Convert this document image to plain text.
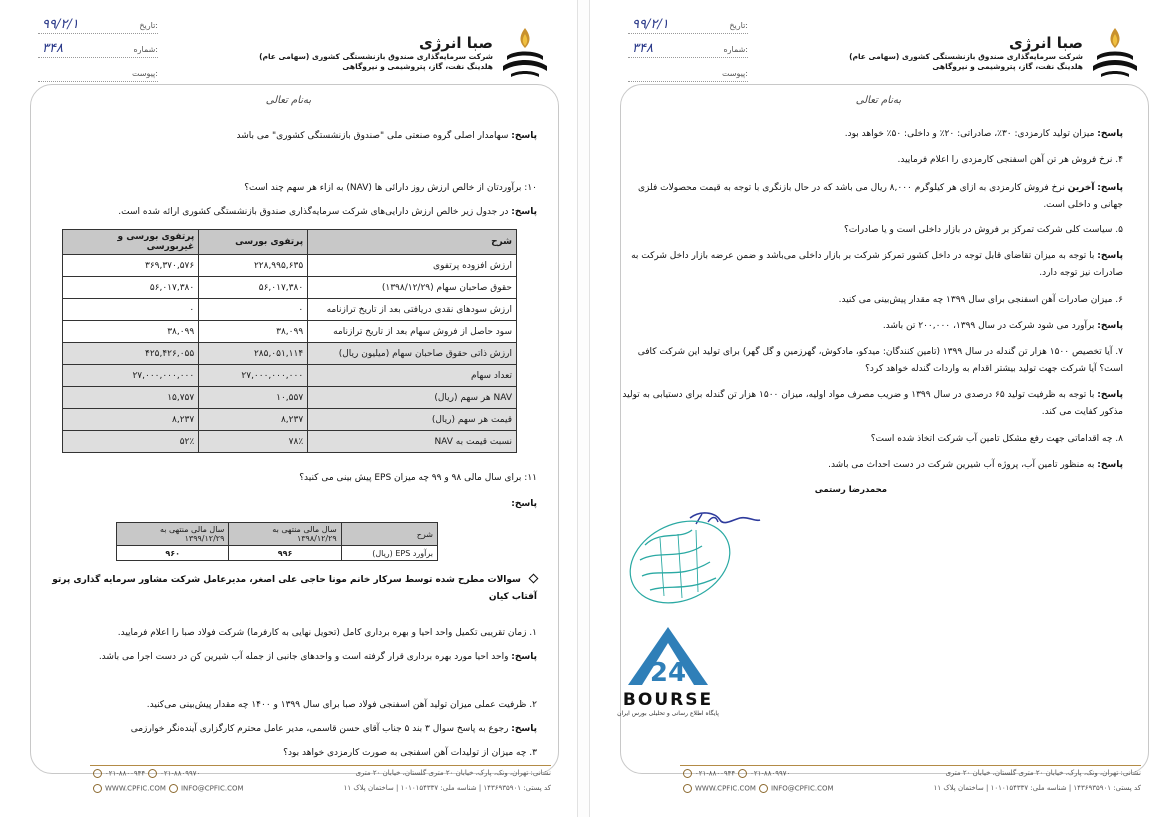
صبا انرژی
شرکت سرمایه‌گذاری صندوق بازنشستگی کشوری (سهامی عام)
هلدینگ نفت، گاز، پتروشیمی و نیروگاهی
تاریخ:
۹۹/۲/۱
شماره:
۳۴۸
پیوست:
به‌نام تعالی
پاسخ: سهامدار اصلی گروه صنعتی ملی "صندوق بازنشستگی کشوری" می باشد
۱۰: برآوردتان از خالص ارزش روز دارائی ها (NAV) به ازاء هر سهم چند است؟
پاسخ: در جدول زیر خالص ارزش دارایی‌های شرکت سرمایه‌گذاری صندوق بازنشستگی کشوری ارائه شده است.
شرح	پرتفوی بورسی	پرتفوی بورسی و غیربورسی
ارزش افزوده پرتفوی	۲۲۸,۹۹۵,۶۳۵	۳۶۹,۳۷۰,۵۷۶
حقوق صاحبان سهام (۱۳۹۸/۱۲/۲۹)	۵۶,۰۱۷,۳۸۰	۵۶,۰۱۷,۳۸۰
ارزش سودهای نقدی دریافتی بعد از تاریخ ترازنامه	۰	۰
سود حاصل از فروش سهام بعد از تاریخ ترازنامه	۳۸,۰۹۹	۳۸,۰۹۹
ارزش ذاتی حقوق صاحبان سهام (میلیون ریال)	۲۸۵,۰۵۱,۱۱۴	۴۲۵,۴۲۶,۰۵۵
تعداد سهام	۲۷,۰۰۰,۰۰۰,۰۰۰	۲۷,۰۰۰,۰۰۰,۰۰۰
NAV هر سهم (ریال)	۱۰,۵۵۷	۱۵,۷۵۷
قیمت هر سهم (ریال)	۸,۲۳۷	۸,۲۳۷
نسبت قیمت به NAV	۷۸٪	۵۲٪
۱۱: برای سال مالی ۹۸ و ۹۹ چه میزان EPS پیش بینی می کنید؟
پاسخ:
شرح	سال مالی منتهی به ۱۳۹۸/۱۲/۲۹	سال مالی منتهی به ۱۳۹۹/۱۲/۲۹
برآورد EPS (ریال)	۹۹۶	۹۶۰
سوالات مطرح شده توسط سرکار خانم مونا حاجی علی اصغر، مدیرعامل شرکت مشاور سرمایه گذاری پرتو آفتاب کیان
۱. زمان تقریبی تکمیل واحد احیا و بهره برداری کامل (تحویل نهایی به کارفرما) شرکت فولاد صبا را اعلام فرمایید.
پاسخ: واحد احیا مورد بهره برداری قرار گرفته است و واحدهای جانبی از جمله آب شیرین کن در دست اجرا می باشد.
۲. ظرفیت عملی میزان تولید آهن اسفنجی فولاد صبا برای سال ۱۳۹۹ و ۱۴۰۰ چه مقدار پیش‌بینی می‌کنید.
پاسخ: رجوع به پاسخ سوال ۳ بند ۵ جناب آقای حسن قاسمی، مدیر عامل محترم کارگزاری آینده‌نگر خوارزمی
۳. چه میزان از تولیدات آهن اسفنجی به صورت کارمزدی خواهد بود؟
نشانی: تهران، ونک، پارک، خیابان ۲۰ متری گلستان، خیابان ۲۰ متری
۰۲۱-۸۸۰۰۹۴۴ ۰۲۱-۸۸۰۹۹۷۰
کد پستی: ۱۴۳۶۹۳۵۹۰۱ | شناسه ملی: ۱۰۱۰۱۵۴۳۳۷ | ساختمان پلاک ۱۱
WWW.CPFIC.COM INFO@CPFIC.COM
صبا انرژی
شرکت سرمایه‌گذاری صندوق بازنشستگی کشوری (سهامی عام)
هلدینگ نفت، گاز، پتروشیمی و نیروگاهی
تاریخ:
۹۹/۲/۱
شماره:
۳۴۸
پیوست:
به‌نام تعالی
پاسخ: میزان تولید کارمزدی: ۳۰٪، صادراتی: ۲۰٪ و داخلی: ۵۰٪ خواهد بود.
۴. نرخ فروش هر تن آهن اسفنجی کارمزدی را اعلام فرمایید.
پاسخ: آخرین نرخ فروش کارمزدی به ازای هر کیلوگرم ۸,۰۰۰ ریال می باشد که در حال بازنگری با توجه به قیمت محصولات فلزی جهانی و داخلی است.
۵. سیاست کلی شرکت تمرکز بر فروش در بازار داخلی است و یا صادرات؟
پاسخ: با توجه به میزان تقاضای قابل توجه در داخل کشور تمرکز شرکت بر بازار داخلی می‌باشد و ضمن عرضه بازار داخل شرکت به صادرات نیز توجه دارد.
۶. میزان صادرات آهن اسفنجی برای سال ۱۳۹۹ چه مقدار پیش‌بینی می کنید.
پاسخ: برآورد می شود شرکت در سال ۱۳۹۹، ۲۰۰,۰۰۰ تن باشد.
۷. آیا تخصیص ۱۵۰۰ هزار تن گندله در سال ۱۳۹۹ (تامین کنندگان: میدکو، مادکوش، گهرزمین و گل گهر) برای تولید این شرکت کافی است؟ آیا شرکت جهت تولید بیشتر اقدام به واردات گندله خواهد کرد؟
پاسخ: با توجه به ظرفیت تولید ۶۵ درصدی در سال ۱۳۹۹ و ضریب مصرف مواد اولیه، میزان ۱۵۰۰ هزار تن گندله برای دستیابی به تولید مذکور کفایت می کند.
۸. چه اقداماتی جهت رفع مشکل تامین آب شرکت اتخاذ شده است؟
پاسخ: به منظور تامین آب، پروژه آب شیرین شرکت در دست احداث می باشد.
محمدرضا رستمی
نشانی: تهران، ونک، پارک، خیابان ۲۰ متری گلستان، خیابان ۲۰ متری
۰۲۱-۸۸۰۰۹۴۴ ۰۲۱-۸۸۰۹۹۷۰
کد پستی: ۱۴۳۶۹۳۵۹۰۱ | شناسه ملی: ۱۰۱۰۱۵۴۳۳۷ | ساختمان پلاک ۱۱
WWW.CPFIC.COM INFO@CPFIC.COM
24
BOURSE
پایگاه اطلاع رسانی و تحلیلی بورس ایران
